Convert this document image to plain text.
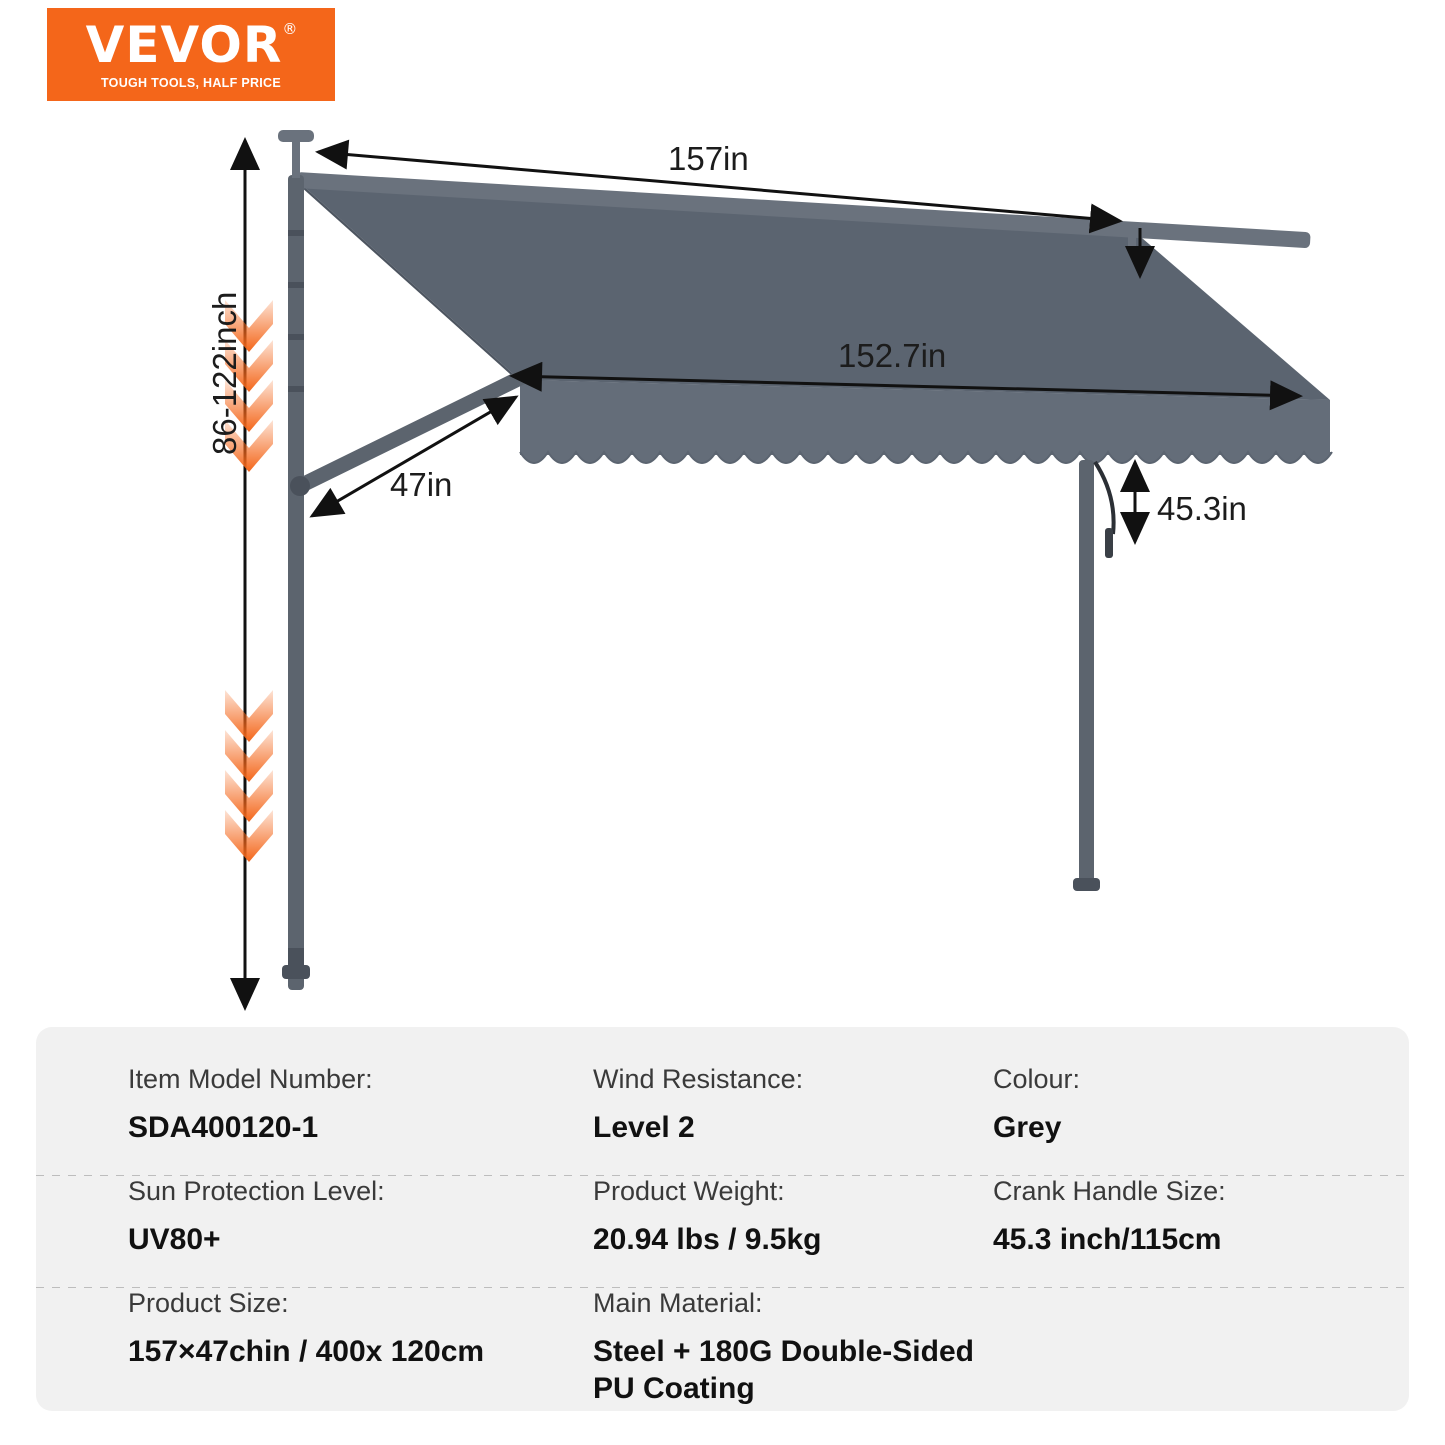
VEVOR ®
TOUGH TOOLS, HALF PRICE
157in
152.7in
45.3in
47in
86-122inch
Item Model Number:
SDA400120-1
Wind Resistance:
Level 2
Colour:
Grey
Sun Protection Level:
UV80+
Product Weight:
20.94 lbs / 9.5kg
Crank Handle Size:
45.3 inch/115cm
Product Size:
157×47chin / 400x 120cm
Main Material:
Steel + 180G Double-Sided PU Coating
